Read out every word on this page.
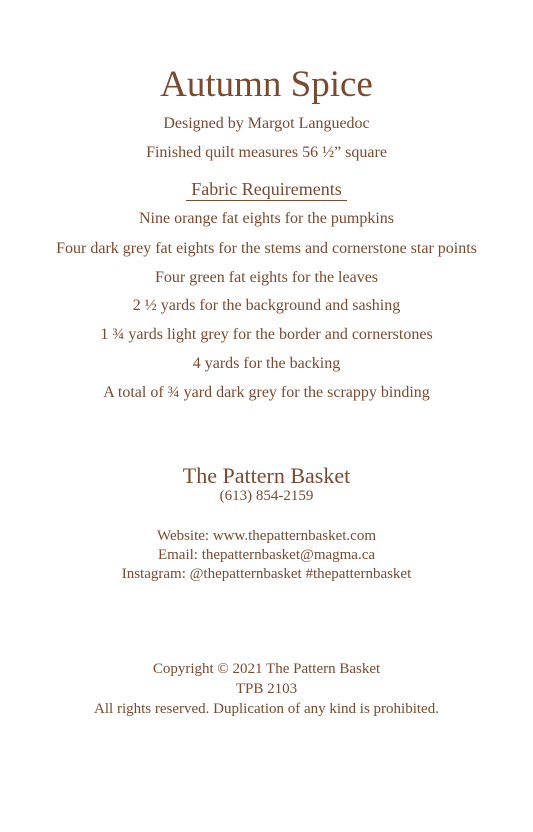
Autumn Spice
Designed by Margot Languedoc
Finished quilt measures 56 ½” square
Fabric Requirements
Nine orange fat eights for the pumpkins
Four dark grey fat eights for the stems and cornerstone star points
Four green fat eights for the leaves
2 ½ yards for the background and sashing
1 ¾ yards light grey for the border and cornerstones
4 yards for the backing
A total of ¾ yard dark grey for the scrappy binding
The Pattern Basket
(613) 854-2159
Website: www.thepatternbasket.com
Email: thepatternbasket@magma.ca
Instagram: @thepatternbasket #thepatternbasket
Copyright © 2021 The Pattern Basket
TPB 2103
All rights reserved. Duplication of any kind is prohibited.
